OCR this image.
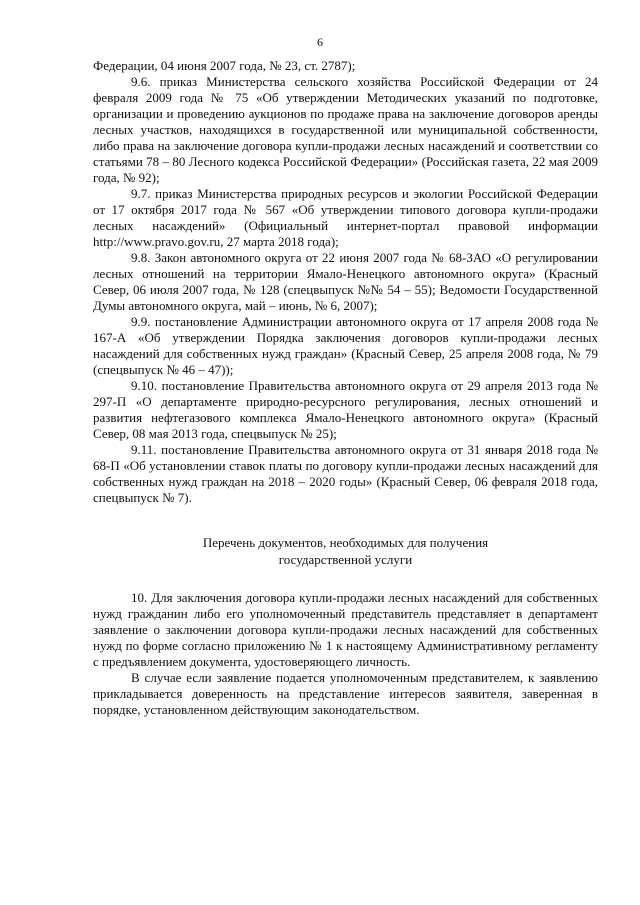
6

Федерации, 04 июня 2007 года, № 23, ст. 2787);

9.6. приказ Министерства сельского хозяйства Российской Федерации от 24 февраля 2009 года № 75 «Об утверждении Методических указаний по подготовке, организации и проведению аукционов по продаже права на заключение договоров аренды лесных участков, находящихся в государственной или муниципальной собственности, либо права на заключение договора купли-продажи лесных насаждений и соответствии со статьями 78 – 80 Лесного кодекса Российской Федерации» (Российская газета, 22 мая 2009 года, № 92);

9.7. приказ Министерства природных ресурсов и экологии Российской Федерации от 17 октября 2017 года № 567 «Об утверждении типового договора купли-продажи лесных насаждений» (Официальный интернет-портал правовой информации http://www.pravo.gov.ru, 27 марта 2018 года);

9.8. Закон автономного округа от 22 июня 2007 года № 68-ЗАО «О регулировании лесных отношений на территории Ямало-Ненецкого автономного округа» (Красный Север, 06 июля 2007 года, № 128 (спецвыпуск №№ 54 – 55); Ведомости Государственной Думы автономного округа, май – июнь, № 6, 2007);

9.9. постановление Администрации автономного округа от 17 апреля 2008 года № 167-А «Об утверждении Порядка заключения договоров купли-продажи лесных насаждений для собственных нужд граждан» (Красный Север, 25 апреля 2008 года, № 79 (спецвыпуск № 46 – 47));

9.10. постановление Правительства автономного округа от 29 апреля 2013 года № 297-П «О департаменте природно-ресурсного регулирования, лесных отношений и развития нефтегазового комплекса Ямало-Ненецкого автономного округа» (Красный Север, 08 мая 2013 года, спецвыпуск № 25);

9.11. постановление Правительства автономного округа от 31 января 2018 года № 68-П «Об установлении ставок платы по договору купли-продажи лесных насаждений для собственных нужд граждан на 2018 – 2020 годы» (Красный Север, 06 февраля 2018 года, спецвыпуск № 7).

Перечень документов, необходимых для получения
государственной услуги

10. Для заключения договора купли-продажи лесных насаждений для собственных нужд гражданин либо его уполномоченный представитель представляет в департамент заявление о заключении договора купли-продажи лесных насаждений для собственных нужд по форме согласно приложению № 1 к настоящему Административному регламенту с предъявлением документа, удостоверяющего личность.

В случае если заявление подается уполномоченным представителем, к заявлению прикладывается доверенность на представление интересов заявителя, заверенная в порядке, установленном действующим законодательством.
